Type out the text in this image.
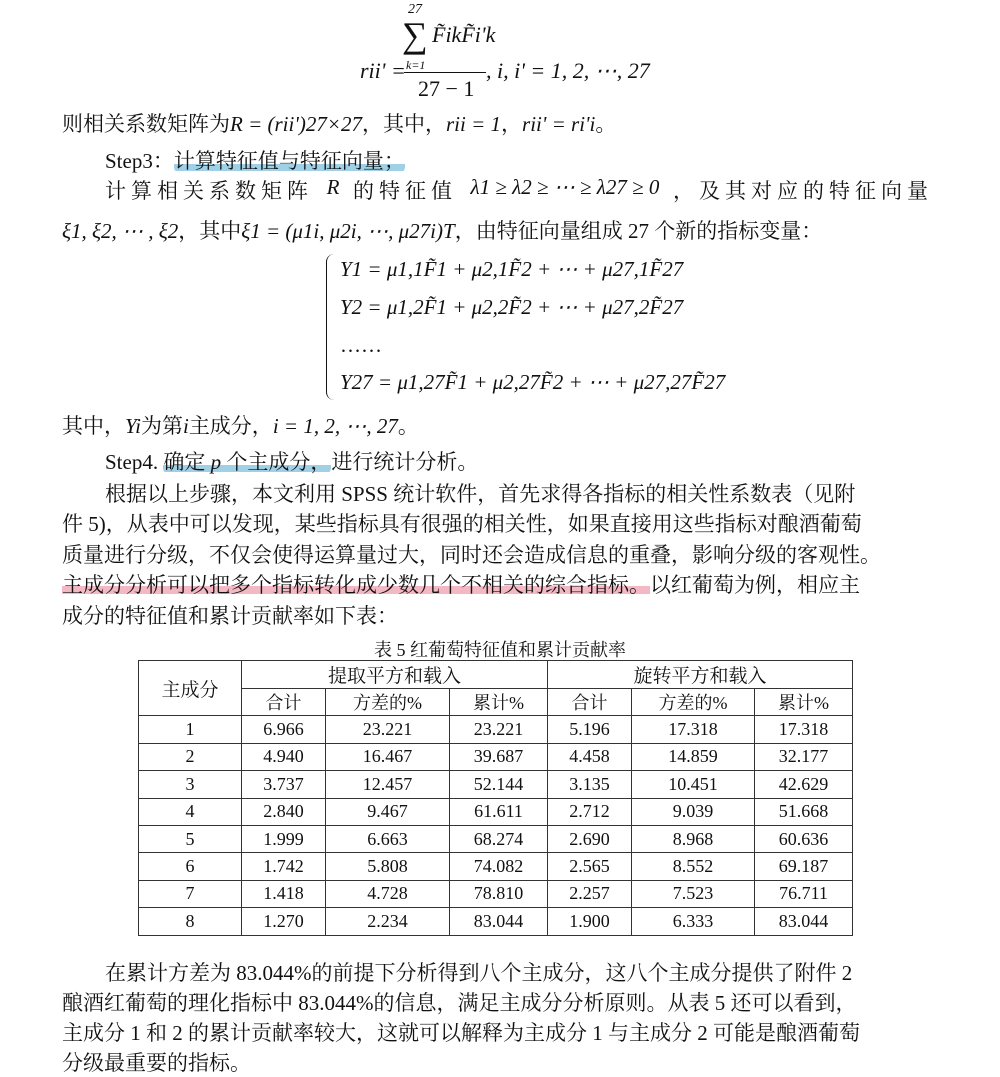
27
∑ F̃ikF̃i'k
k=1
rii' =
27 − 1
, i, i' = 1, 2, ⋯, 27
则相关系数矩阵为R = (rii')27×27，其中，rii = 1，rii' = ri'i。
Step3：计算特征值与特征向量；
计算相关系数矩阵 R 的特征值 λ1 ≥ λ2 ≥ ⋯ ≥ λ27 ≥ 0 ，及其对应的特征向量
ξ1, ξ2, ⋯ , ξ2，其中ξ1 = (μ1i, μ2i, ⋯, μ27i)T，由特征向量组成 27 个新的指标变量：
Y1 = μ1,1F̃1 + μ2,1F̃2 + ⋯ + μ27,1F̃27
Y2 = μ1,2F̃1 + μ2,2F̃2 + ⋯ + μ27,2F̃27
……
Y27 = μ1,27F̃1 + μ2,27F̃2 + ⋯ + μ27,27F̃27
其中，Yi为第i主成分，i = 1, 2, ⋯, 27。
Step4. 确定 p 个主成分，进行统计分析。
根据以上步骤，本文利用 SPSS 统计软件，首先求得各指标的相关性系数表（见附
件 5)，从表中可以发现，某些指标具有很强的相关性，如果直接用这些指标对酿酒葡萄
质量进行分级，不仅会使得运算量过大，同时还会造成信息的重叠，影响分级的客观性。
主成分分析可以把多个指标转化成少数几个不相关的综合指标。以红葡萄为例，相应主
成分的特征值和累计贡献率如下表：
表 5 红葡萄特征值和累计贡献率
主成分	提取平方和载入			旋转平方和载入		
	合计	方差的%	累计%	合计	方差的%	累计%
1	6.966	23.221	23.221	5.196	17.318	17.318
2	4.940	16.467	39.687	4.458	14.859	32.177
3	3.737	12.457	52.144	3.135	10.451	42.629
4	2.840	9.467	61.611	2.712	9.039	51.668
5	1.999	6.663	68.274	2.690	8.968	60.636
6	1.742	5.808	74.082	2.565	8.552	69.187
7	1.418	4.728	78.810	2.257	7.523	76.711
8	1.270	2.234	83.044	1.900	6.333	83.044
在累计方差为 83.044%的前提下分析得到八个主成分，这八个主成分提供了附件 2
酿酒红葡萄的理化指标中 83.044%的信息，满足主成分分析原则。从表 5 还可以看到，
主成分 1 和 2 的累计贡献率较大，这就可以解释为主成分 1 与主成分 2 可能是酿酒葡萄
分级最重要的指标。
